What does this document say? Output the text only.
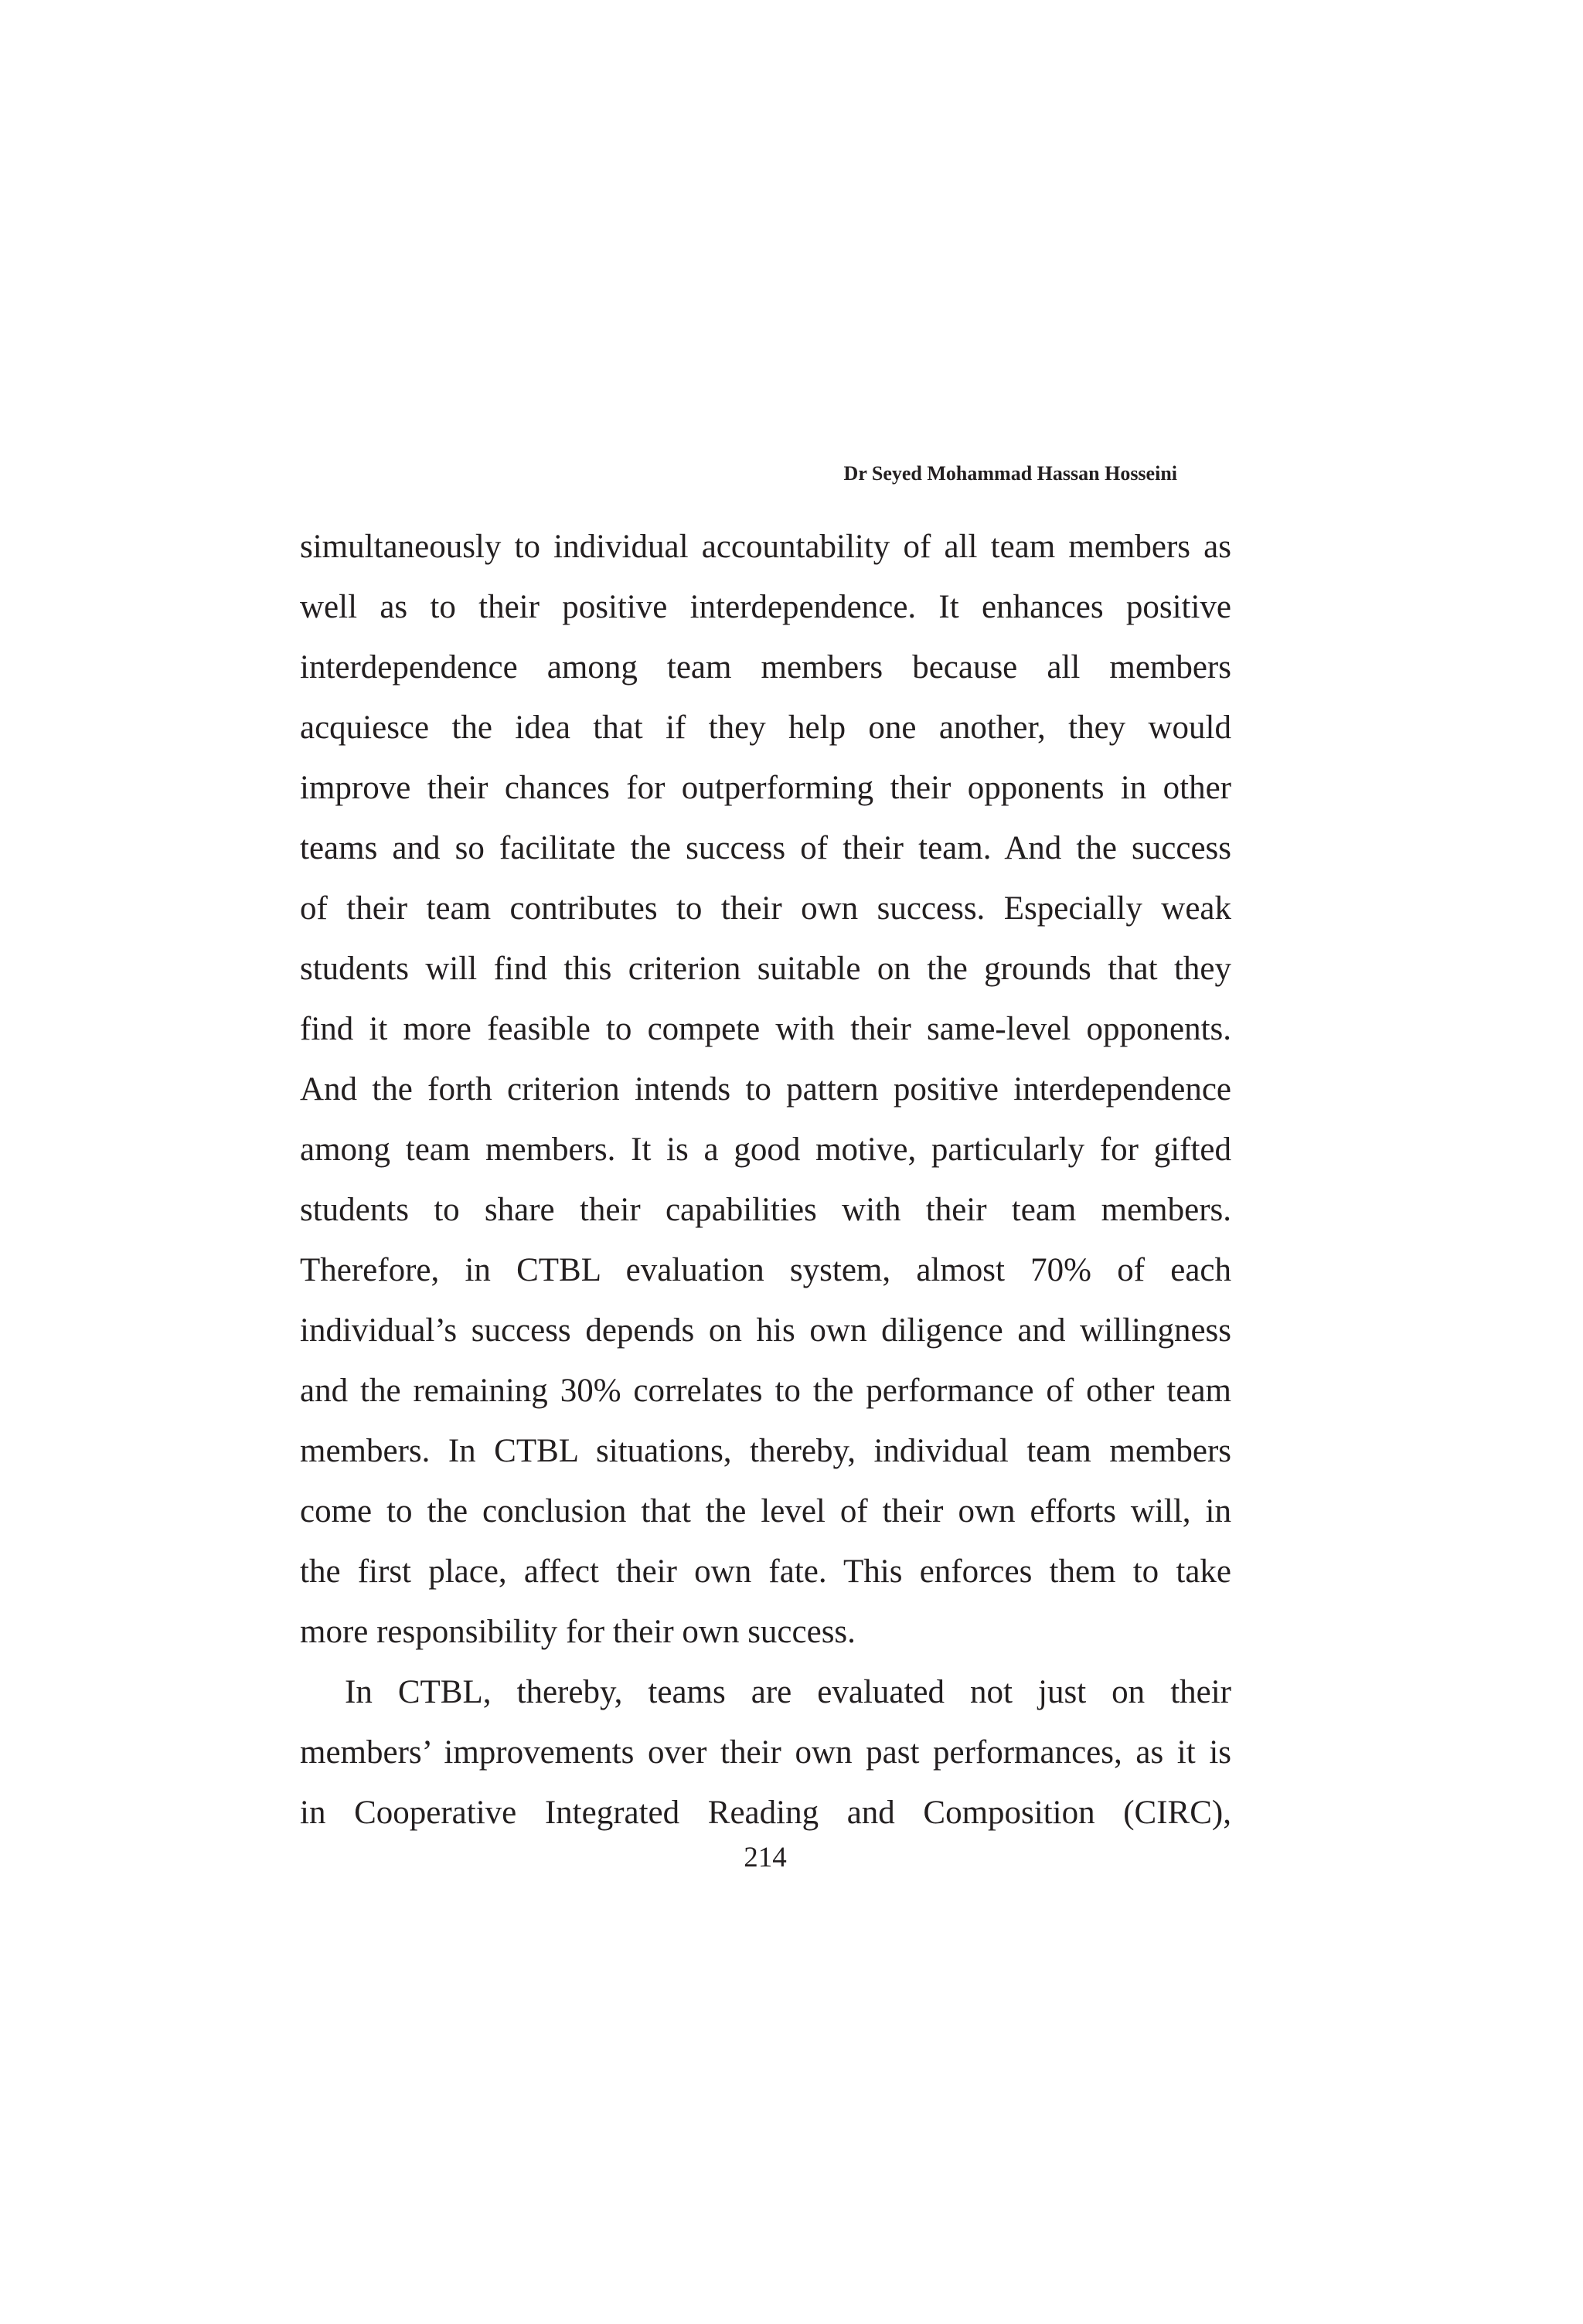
Dr Seyed Mohammad Hassan Hosseini
simultaneously to individual accountability of all team members as
well as to their positive interdependence. It enhances positive
interdependence among team members because all members
acquiesce the idea that if they help one another, they would
improve their chances for outperforming their opponents in other
teams and so facilitate the success of their team. And the success
of their team contributes to their own success. Especially weak
students will find this criterion suitable on the grounds that they
find it more feasible to compete with their same-level opponents.
And the forth criterion intends to pattern positive interdependence
among team members. It is a good motive, particularly for gifted
students to share their capabilities with their team members.
Therefore, in CTBL evaluation system, almost 70% of each
individual’s success depends on his own diligence and willingness
and the remaining 30% correlates to the performance of other team
members. In CTBL situations, thereby, individual team members
come to the conclusion that the level of their own efforts will, in
the first place, affect their own fate. This enforces them to take
more responsibility for their own success.
In CTBL, thereby, teams are evaluated not just on their
members’ improvements over their own past performances, as it is
in Cooperative Integrated Reading and Composition (CIRC),
214
